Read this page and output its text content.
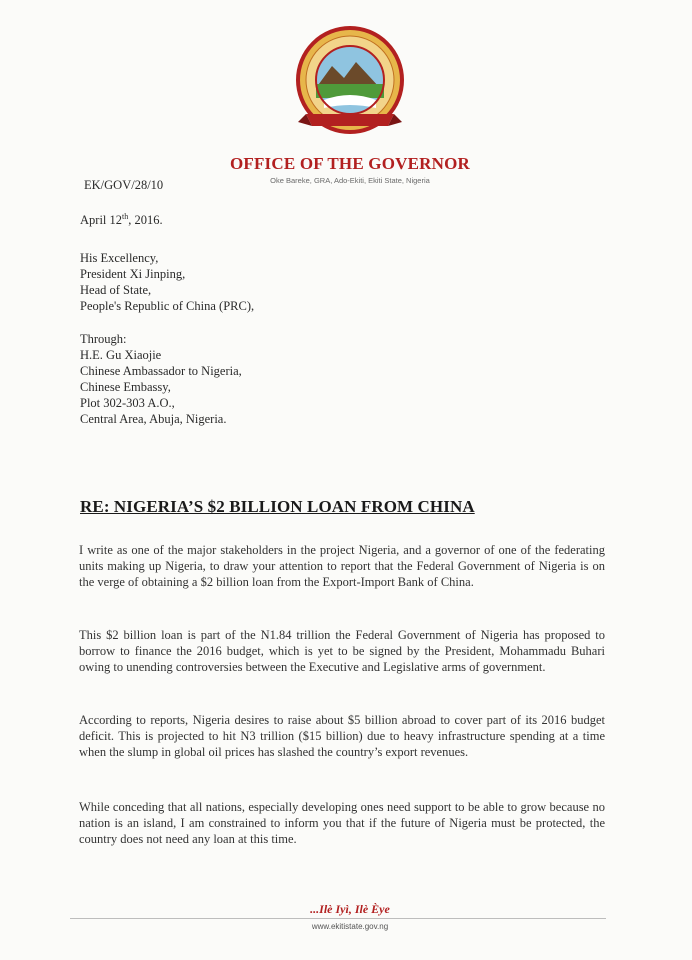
OFFICE OF THE GOVERNOR
Oke Bareke, GRA, Ado-Ekiti, Ekiti State, Nigeria
EK/GOV/28/10
April 12th, 2016.
His Excellency,
President Xi Jinping,
Head of State,
People's Republic of China (PRC),
Through:
H.E. Gu Xiaojie
Chinese Ambassador to Nigeria,
Chinese Embassy,
Plot 302-303 A.O.,
Central Area, Abuja, Nigeria.
RE: NIGERIA’S $2 BILLION LOAN FROM CHINA
I write as one of the major stakeholders in the project Nigeria, and a governor of one of the federating units making up Nigeria, to draw your attention to report that the Federal Government of Nigeria is on the verge of obtaining a $2 billion loan from the Export-Import Bank of China.
This $2 billion loan is part of the N1.84 trillion the Federal Government of Nigeria has proposed to borrow to finance the 2016 budget, which is yet to be signed by the President, Mohammadu Buhari owing to unending controversies between the Executive and Legislative arms of government.
According to reports, Nigeria desires to raise about $5 billion abroad to cover part of its 2016 budget deficit. This is projected to hit N3 trillion ($15 billion) due to heavy infrastructure spending at a time when the slump in global oil prices has slashed the country’s export revenues.
While conceding that all nations, especially developing ones need support to be able to grow because no nation is an island, I am constrained to inform you that if the future of Nigeria must be protected, the country does not need any loan at this time.
...Ilè Iyì, Ilè Èye
www.ekitistate.gov.ng
